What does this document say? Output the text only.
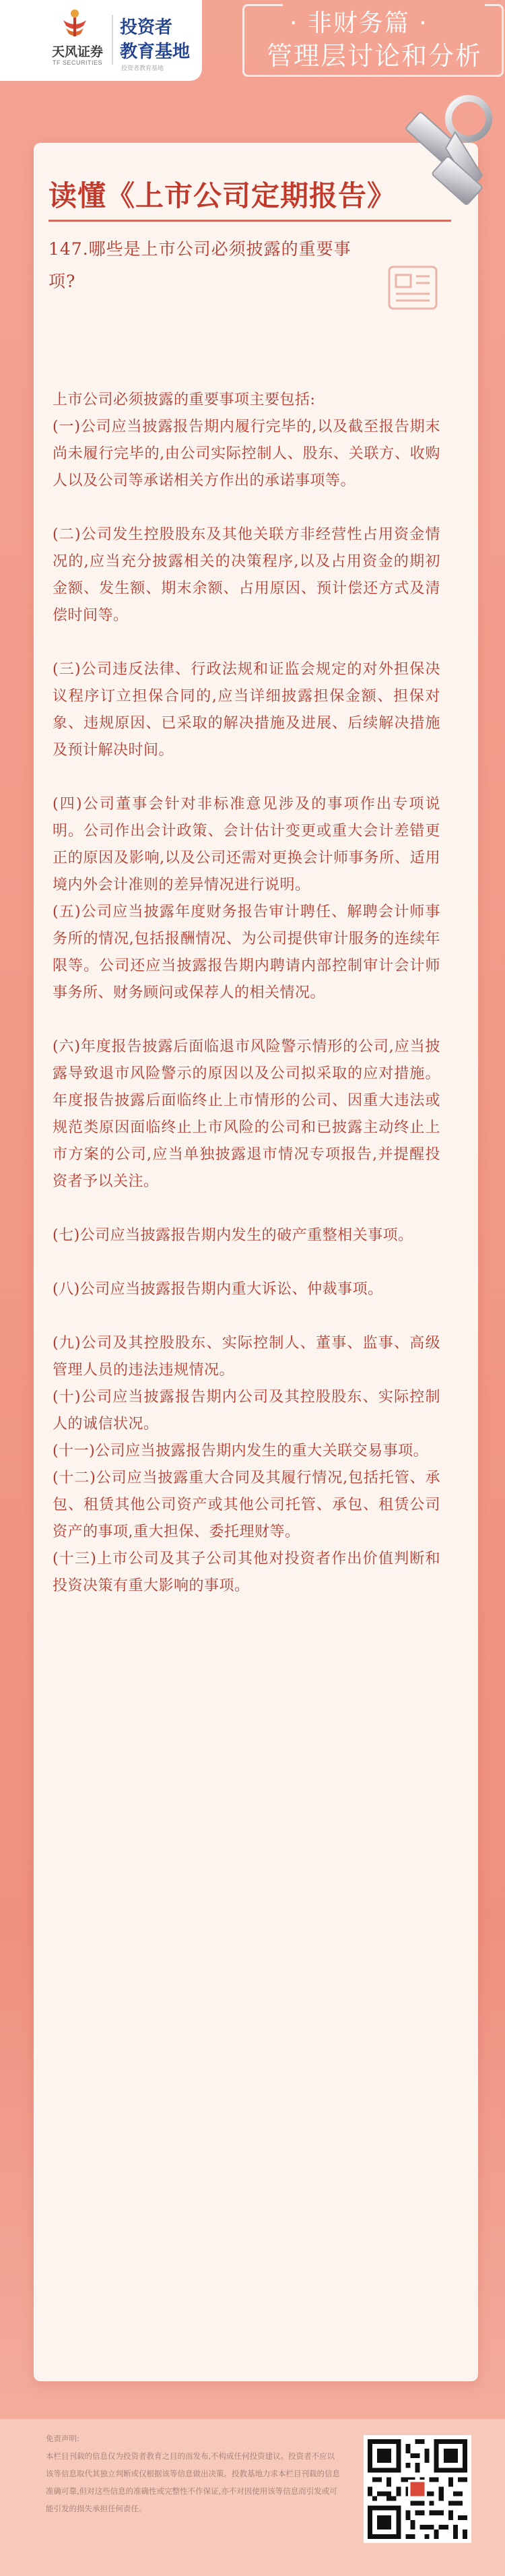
天风证券
TF SECURITIES
投资者
教育基地
投资者教育基地
· 非财务篇 ·
管理层讨论和分析
读懂《上市公司定期报告》
147.哪些是上市公司必须披露的重要事项?

上市公司必须披露的重要事项主要包括:

(一)公司应当披露报告期内履行完毕的,以及截至报告期末尚未履行完毕的,由公司实际控制人、股东、关联方、收购人以及公司等承诺相关方作出的承诺事项等。

(二)公司发生控股股东及其他关联方非经营性占用资金情况的,应当充分披露相关的决策程序,以及占用资金的期初金额、发生额、期末余额、占用原因、预计偿还方式及清偿时间等。

(三)公司违反法律、行政法规和证监会规定的对外担保决议程序订立担保合同的,应当详细披露担保金额、担保对象、违规原因、已采取的解决措施及进展、后续解决措施及预计解决时间。

(四)公司董事会针对非标准意见涉及的事项作出专项说明。公司作出会计政策、会计估计变更或重大会计差错更正的原因及影响,以及公司还需对更换会计师事务所、适用境内外会计准则的差异情况进行说明。

(五)公司应当披露年度财务报告审计聘任、解聘会计师事务所的情况,包括报酬情况、为公司提供审计服务的连续年限等。公司还应当披露报告期内聘请内部控制审计会计师事务所、财务顾问或保荐人的相关情况。

(六)年度报告披露后面临退市风险警示情形的公司,应当披露导致退市风险警示的原因以及公司拟采取的应对措施。年度报告披露后面临终止上市情形的公司、因重大违法或规范类原因面临终止上市风险的公司和已披露主动终止上市方案的公司,应当单独披露退市情况专项报告,并提醒投资者予以关注。

(七)公司应当披露报告期内发生的破产重整相关事项。

(八)公司应当披露报告期内重大诉讼、仲裁事项。

(九)公司及其控股股东、实际控制人、董事、监事、高级管理人员的违法违规情况。

(十)公司应当披露报告期内公司及其控股股东、实际控制人的诚信状况。

(十一)公司应当披露报告期内发生的重大关联交易事项。

(十二)公司应当披露重大合同及其履行情况,包括托管、承包、租赁其他公司资产或其他公司托管、承包、租赁公司资产的事项,重大担保、委托理财等。

(十三)上市公司及其子公司其他对投资者作出价值判断和投资决策有重大影响的事项。

免责声明:
本栏目刊载的信息仅为投资者教育之目的而发布,不构成任何投资建议。投资者不应以该等信息取代其独立判断或仅根据该等信息做出决策。投教基地力求本栏目刊载的信息准确可靠,但对这些信息的准确性或完整性不作保证,亦不对因使用该等信息而引发或可能引发的损失承担任何责任。
